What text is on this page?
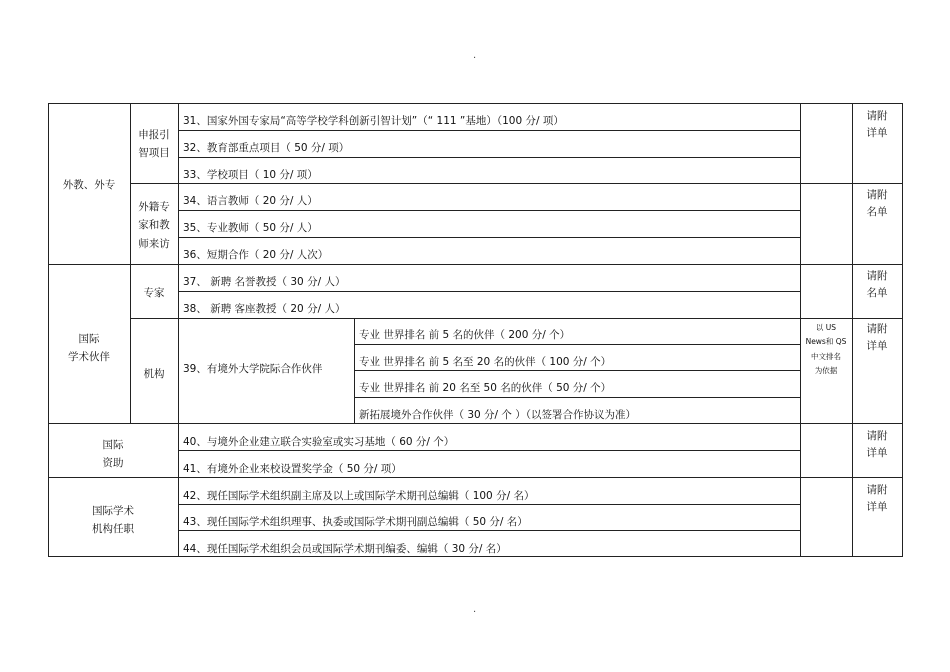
.
外教、外专
国际
学术伙伴
国际
资助
国际学术
机构任职
申报引
智项目
外籍专
家和教
师来访
专家
机构
31、国家外国专家局“高等学校学科创新引智计划”（“ 111 ”基地）（100 分/ 项）
32、教育部重点项目（ 50 分/ 项）
33、学校项目（ 10 分/ 项）
34、语言教师（ 20 分/ 人）
35、专业教师（ 50 分/ 人）
36、短期合作（ 20 分/ 人次）
37、 新聘 名誉教授（ 30 分/ 人）
38、 新聘 客座教授（ 20 分/ 人）
39、有境外大学院际合作伙伴
40、与境外企业建立联合实验室或实习基地（ 60 分/ 个）
41、有境外企业来校设置奖学金（ 50 分/ 项）
42、现任国际学术组织副主席及以上或国际学术期刊总编辑（ 100 分/ 名）
43、现任国际学术组织理事、执委或国际学术期刊副总编辑（ 50 分/ 名）
44、现任国际学术组织会员或国际学术期刊编委、编辑（ 30 分/ 名）
专业 世界排名 前 5 名的伙伴（ 200 分/ 个）
专业 世界排名 前 5 名至 20 名的伙伴（ 100 分/ 个）
专业 世界排名 前 20 名至 50 名的伙伴（ 50 分/ 个）
新拓展境外合作伙伴（ 30 分/ 个 ）（以签署合作协议为准）
以 US
News和 QS
中文排名
为依据
请附
详单
请附
名单
请附
名单
请附
详单
请附
详单
请附
详单
.
